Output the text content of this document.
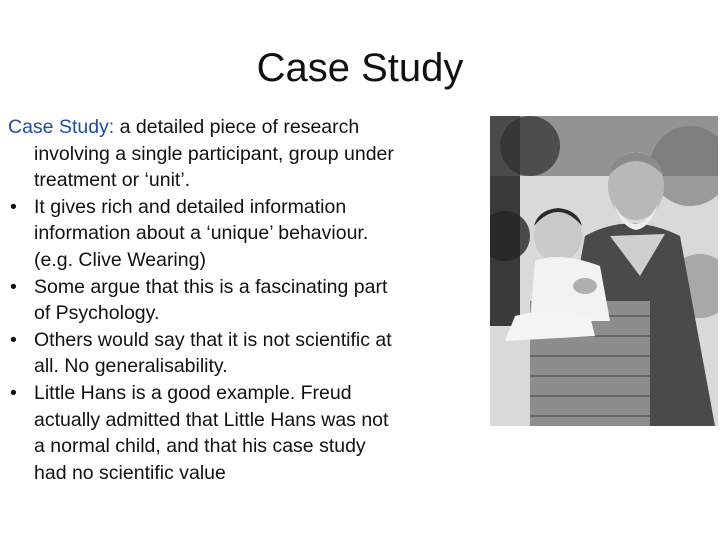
Case Study

Case Study: a detailed piece of research involving a single participant, group under treatment or ‘unit’.

• It gives rich and detailed information information about a ‘unique’ behaviour. (e.g. Clive Wearing)
• Some argue that this is a fascinating part of Psychology.
• Others would say that it is not scientific at all. No generalisability.
• Little Hans is a good example. Freud actually admitted that Little Hans was not a normal child, and that his case study had no scientific value
